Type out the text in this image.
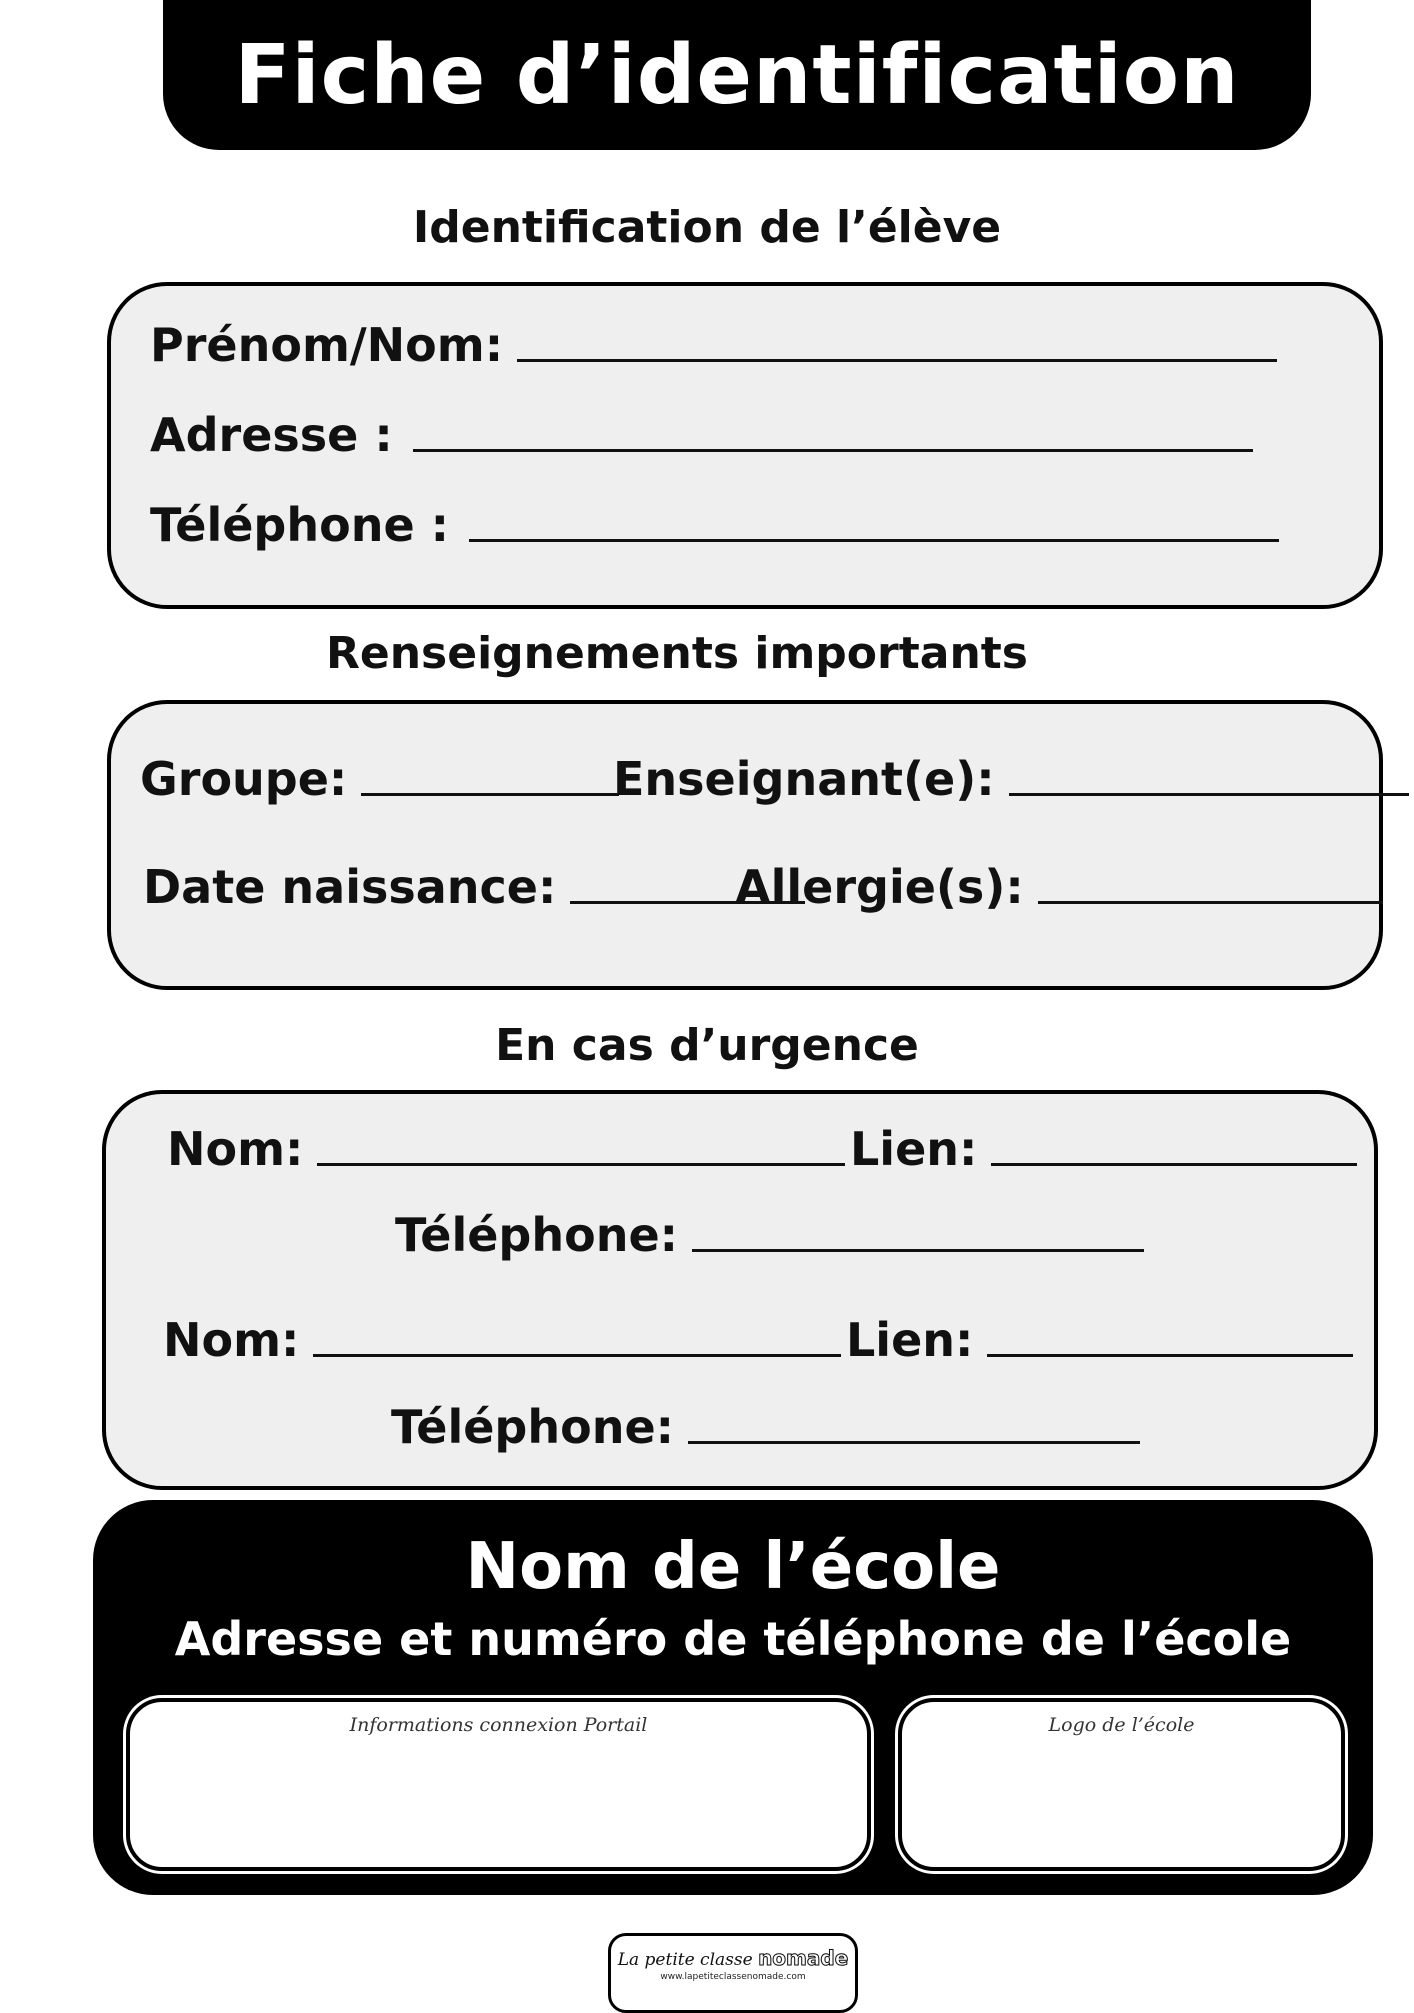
Fiche d’identification
Identification de l’élève
Prénom/Nom:
Adresse :
Téléphone :
Renseignements importants
Groupe:	Enseignant(e):
Date naissance:	Allergie(s):
En cas d’urgence
Nom:	Lien:
Téléphone:
Nom:	Lien:
Téléphone:
Nom de l’école
Adresse et numéro de téléphone de l’école
Informations connexion Portail	Logo de l’école
La petite classe nomade
www.lapetiteclassenomade.com
